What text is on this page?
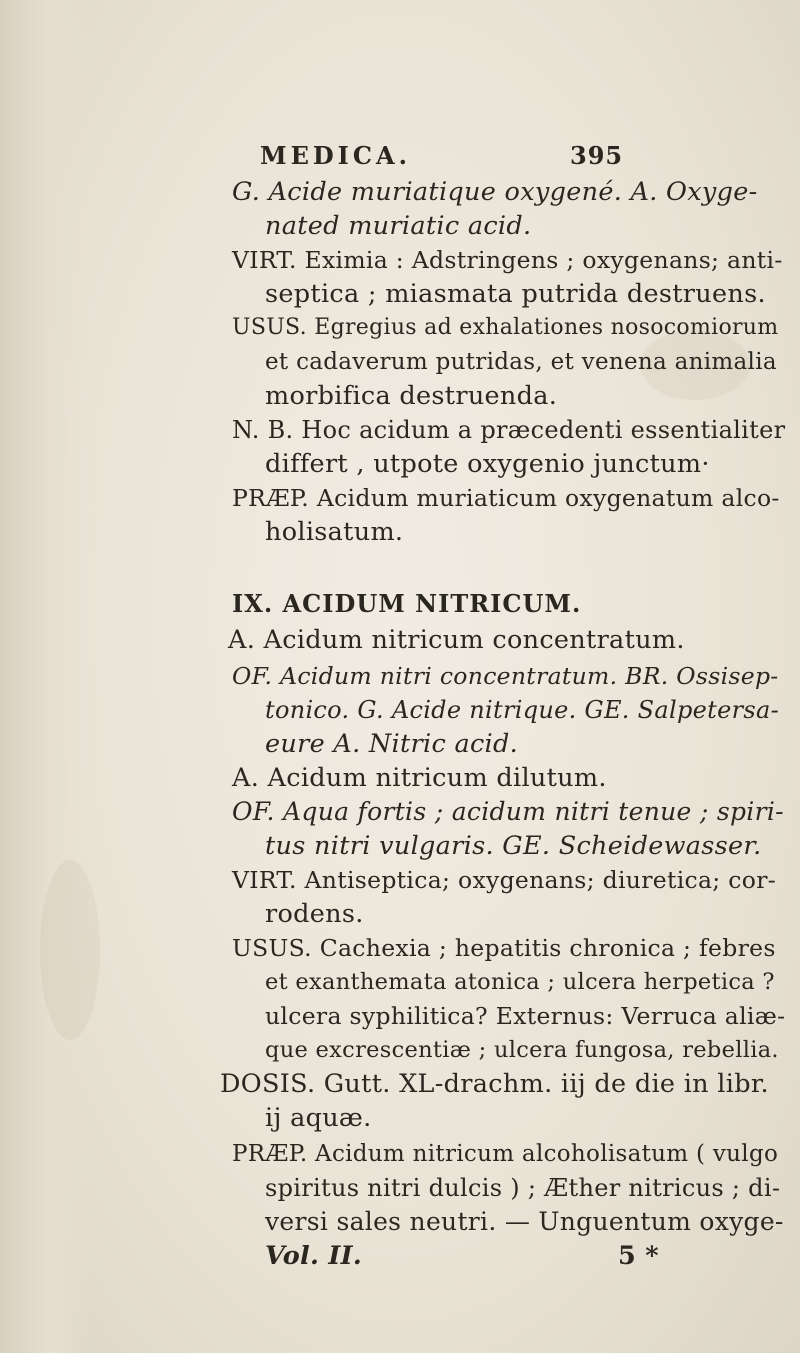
MEDICA.	395
G. Acide muriatique oxygené. A. Oxyge-
nated muriatic acid.
VIRT. Eximia : Adstringens ; oxygenans; anti-
septica ; miasmata putrida destruens.
USUS. Egregius ad exhalationes nosocomiorum
et cadaverum putridas, et venena animalia
morbifica destruenda.
N. B. Hoc acidum a præcedenti essentialiter
differt , utpote oxygenio junctum·
PRÆP. Acidum muriaticum oxygenatum alco-
holisatum.
IX. ACIDUM NITRICUM.
A. Acidum nitricum concentratum.
OF. Acidum nitri concentratum. BR. Ossisep-
tonico. G. Acide nitrique. GE. Salpetersa-
eure A. Nitric acid.
A. Acidum nitricum dilutum.
OF. Aqua fortis ; acidum nitri tenue ; spiri-
tus nitri vulgaris. GE. Scheidewasser.
VIRT. Antiseptica; oxygenans; diuretica; cor-
rodens.
USUS. Cachexia ; hepatitis chronica ; febres
et exanthemata atonica ; ulcera herpetica ?
ulcera syphilitica? Externus: Verruca aliæ-
que excrescentiæ ; ulcera fungosa, rebellia.
DOSIS. Gutt. XL-drachm. iij de die in libr.
ij aquæ.
PRÆP. Acidum nitricum alcoholisatum ( vulgo
spiritus nitri dulcis ) ; Æther nitricus ; di-
versi sales neutri. — Unguentum oxyge-
Vol. II.	5 *
